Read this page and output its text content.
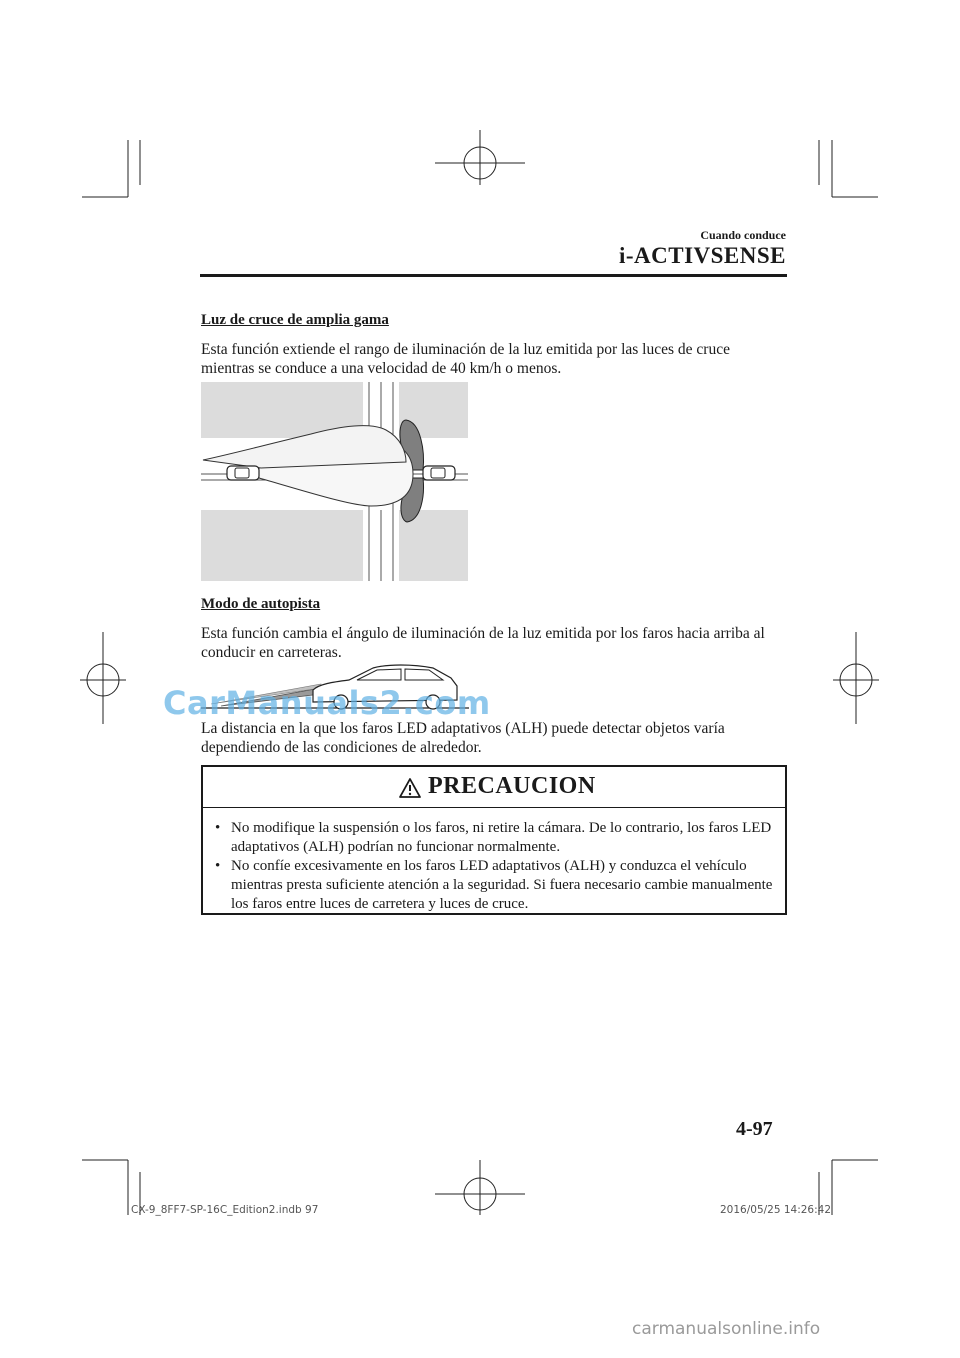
Cuando conduce
i-ACTIVSENSE
Luz de cruce de amplia gama
Esta función extiende el rango de iluminación de la luz emitida por las luces de cruce mientras se conduce a una velocidad de 40 km/h o menos.
Modo de autopista
Esta función cambia el ángulo de iluminación de la luz emitida por los faros hacia arriba al conducir en carreteras.
CarManuals2.com
La distancia en la que los faros LED adaptativos (ALH) puede detectar objetos varía dependiendo de las condiciones de alrededor.
PRECAUCION
• No modifique la suspensión o los faros, ni retire la cámara. De lo contrario, los faros LED adaptativos (ALH) podrían no funcionar normalmente.
• No confíe excesivamente en los faros LED adaptativos (ALH) y conduzca el vehículo mientras presta suficiente atención a la seguridad. Si fuera necesario cambie manualmente los faros entre luces de carretera y luces de cruce.
4-97
CX-9_8FF7-SP-16C_Edition2.indb 97	2016/05/25 14:26:42
carmanualsonline.info
